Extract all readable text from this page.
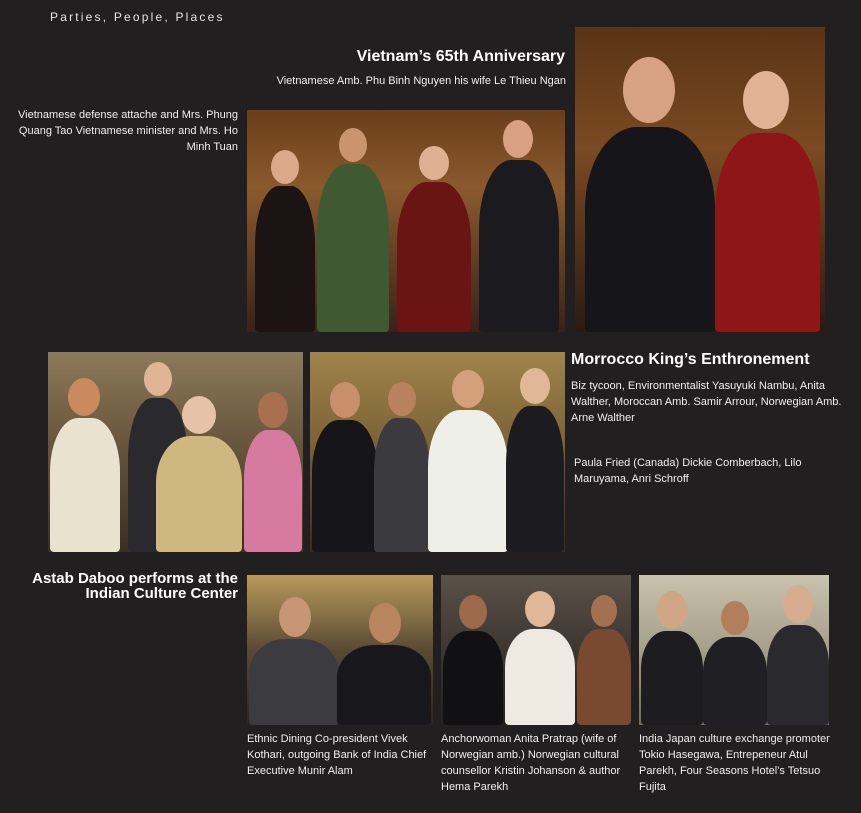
Parties, People, Places
Vietnam’s 65th Anniversary
Vietnamese Amb. Phu Binh Nguyen his wife Le Thieu Ngan
Vietnamese defense attache and Mrs. Phung Quang Tao Vietnamese minister and Mrs. Ho Minh Tuan
Morrocco King’s Enthronement
Biz tycoon, Environmentalist Yasuyuki Nambu, Anita Walther, Moroccan Amb. Samir Arrour, Norwegian Amb. Arne Walther
Paula Fried (Canada) Dickie Comberbach, Lilo Maruyama, Anri Schroff
Astab Daboo performs at the Indian Culture Center
Ethnic Dining Co-president Vivek Kothari, outgoing Bank of India Chief Executive Munir Alam
Anchorwoman Anita Pratrap (wife of Norwegian amb.) Norwegian cultural counsellor Kristin Johanson & author Hema Parekh
India Japan culture exchange promoter Tokio Hasegawa, Entrepeneur Atul Parekh, Four Seasons Hotel’s Tetsuo Fujita
